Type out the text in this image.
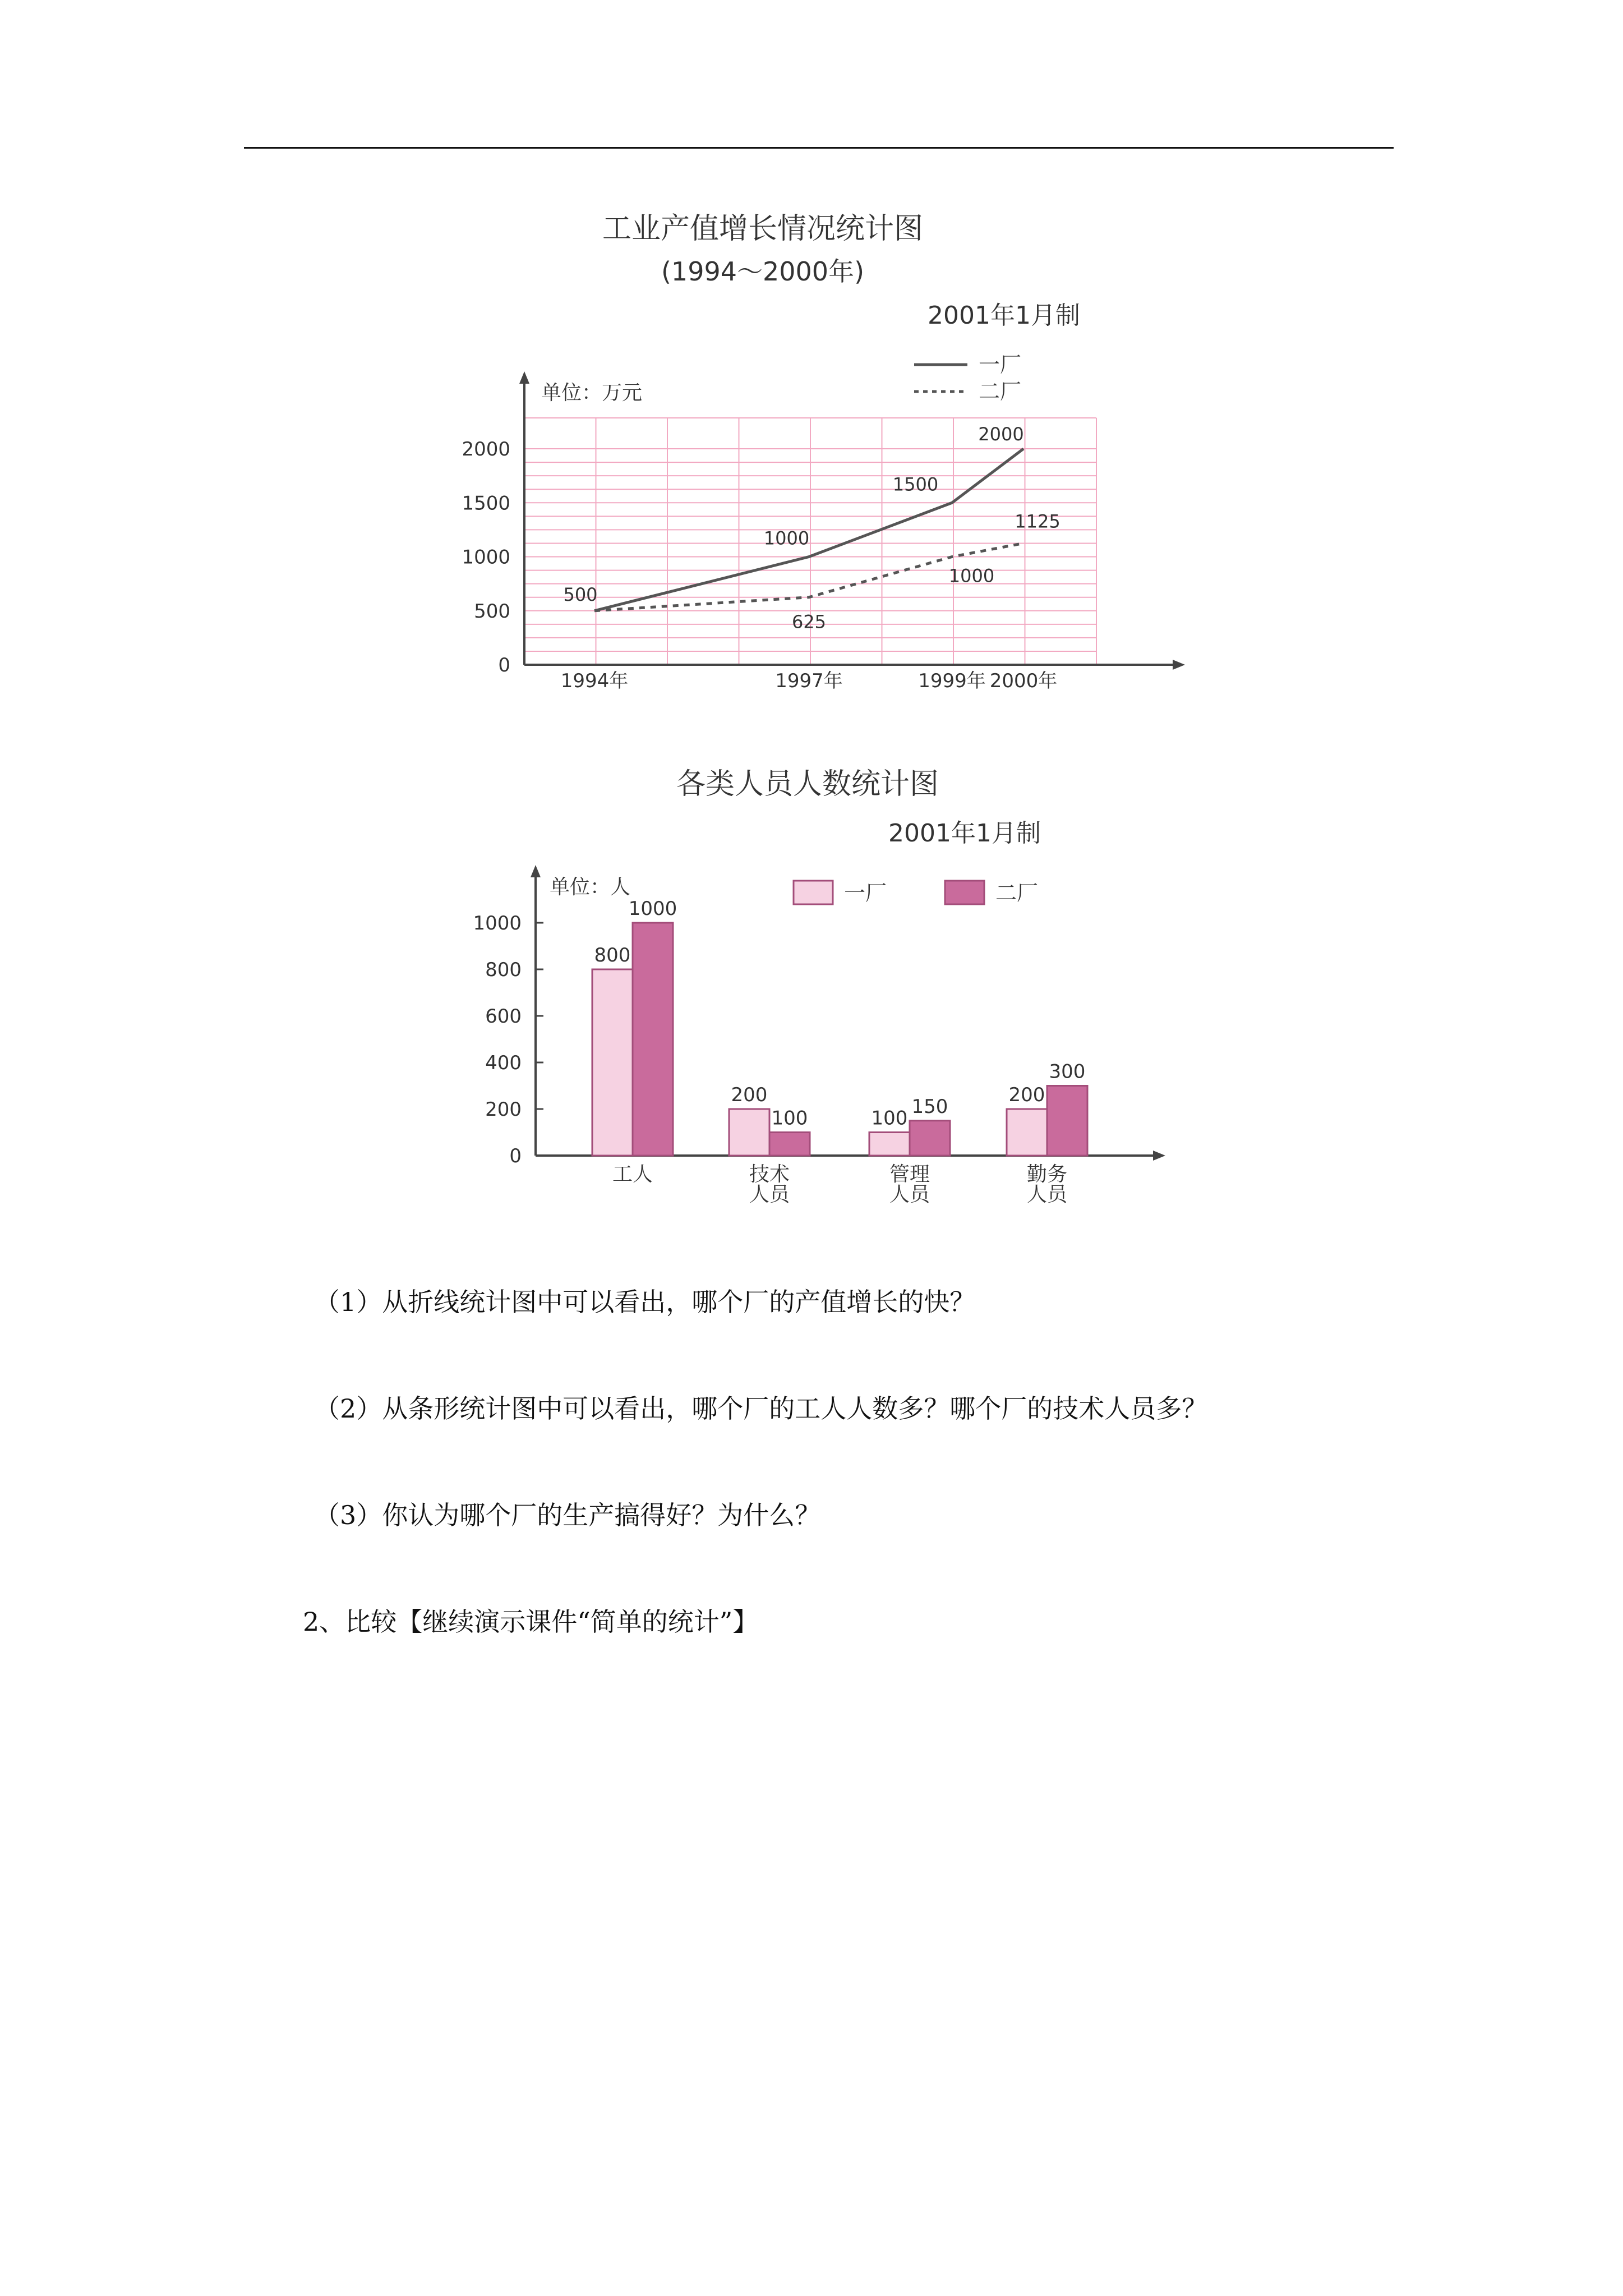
工业产值增长情况统计图
(1994～2000年)
2001年1月制
单位：万元
0
500
1000
1500
2000
1994年	1997年	1999年 2000年
500
1000
1500
2000
625
1000
1125
一厂
二厂
各类人员人数统计图
2001年1月制
单位：人
0
200
400
600
800
1000
800
1000
工人
200
100
技术
人员
100
150
管理
人员
200
300
勤务
人员
一厂	二厂
（1）从折线统计图中可以看出，哪个厂的产值增长的快？
（2）从条形统计图中可以看出，哪个厂的工人人数多？哪个厂的技术人员多？
（3）你认为哪个厂的生产搞得好？为什么？
2、比较【继续演示课件“简单的统计”】
